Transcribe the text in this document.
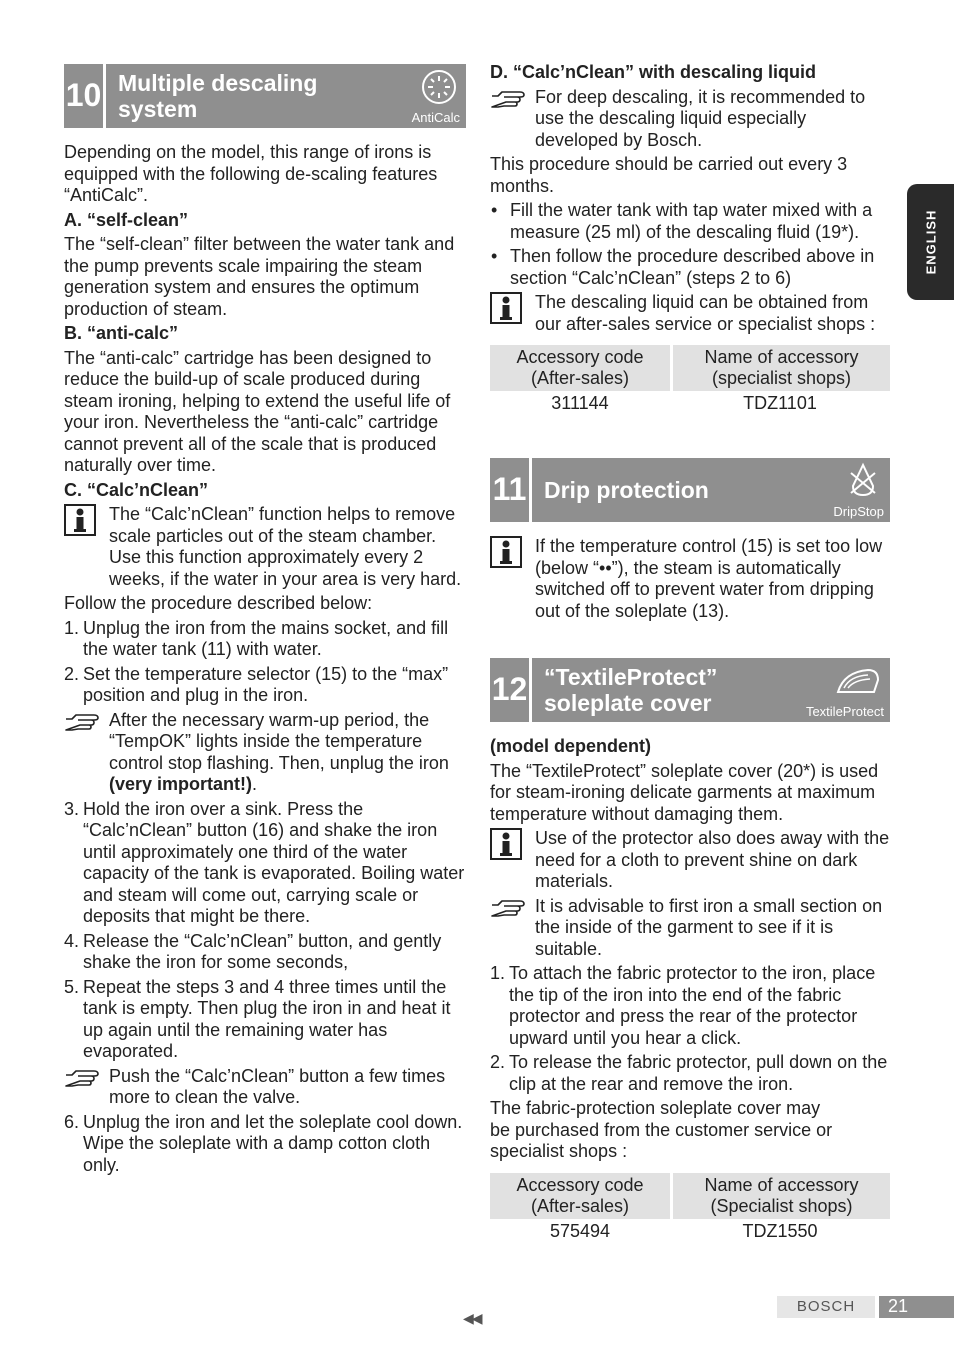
10 Multiple descaling
system	AntiCalc

Depending on the model, this range of irons is equipped with the following de-scaling features “AntiCalc”.

A. “self-clean”

The “self-clean” filter between the water tank and the pump prevents scale impairing the steam generation system and ensures the optimum production of steam.

B. “anti-calc”

The “anti-calc” cartridge has been designed to reduce the build-up of scale produced during steam ironing, helping to extend the useful life of your iron. Nevertheless the “anti-calc” cartridge cannot prevent all of the scale that is produced naturally over time.

C. “Calc’nClean”

The “Calc’nClean” function helps to remove scale particles out of the steam chamber. Use this function approximately every 2 weeks, if the water in your area is very hard.

Follow the procedure described below:

1. Unplug the iron from the mains socket, and fill the water tank (11) with water.
2. Set the temperature selector (15) to the “max” position and plug in the iron.
After the necessary warm-up period, the “TempOK” lights inside the temperature control stop flashing. Then, unplug the iron (very important!).
3. Hold the iron over a sink. Press the “Calc’nClean” button (16) and shake the iron until approximately one third of the water capacity of the tank is evaporated. Boiling water and steam will come out, carrying scale or deposits that might be there.
4. Release the “Calc’nClean” button, and gently shake the iron for some seconds,
5. Repeat the steps 3 and 4 three times until the tank is empty. Then plug the iron in and heat it up again until the remaining water has evaporated.
Push the “Calc’nClean” button a few times more to clean the valve.
6. Unplug the iron and let the soleplate cool down. Wipe the soleplate with a damp cotton cloth only.

D. “Calc’nClean” with descaling liquid

For deep descaling, it is recommended to use the descaling liquid especially developed by Bosch.

This procedure should be carried out every 3 months.

• Fill the water tank with tap water mixed with a measure (25 ml) of the descaling fluid (19*).
• Then follow the procedure described above in section “Calc’nClean” (steps 2 to 6)
The descaling liquid can be obtained from our after-sales service or specialist shops :
Accessory code
(After-sales)	Name of accessory
(specialist shops)
311144	TDZ1101
11 Drip protection
DripStop
If the temperature control (15) is set too low (below “••”), the steam is automatically switched off to prevent water from dripping out of the soleplate (13).
12 “TextileProtect”
soleplate cover	TextileProtect

(model dependent)

The “TextileProtect” soleplate cover (20*) is used for steam-ironing delicate garments at maximum temperature without damaging them.

Use of the protector also does away with the need for a cloth to prevent shine on dark materials.
It is advisable to first iron a small section on the inside of the garment to see if it is suitable.
1. To attach the fabric protector to the iron, place the tip of the iron into the end of the fabric protector and press the rear of the protector upward until you hear a click.
2. To release the fabric protector, pull down on the clip at the rear and remove the iron.

The fabric-protection soleplate cover may be purchased from the customer service or specialist shops :

Accessory code
(After-sales)	Name of accessory
(Specialist shops)
575494	TDZ1550
ENGLISH
◀◀
BOSCH	21
